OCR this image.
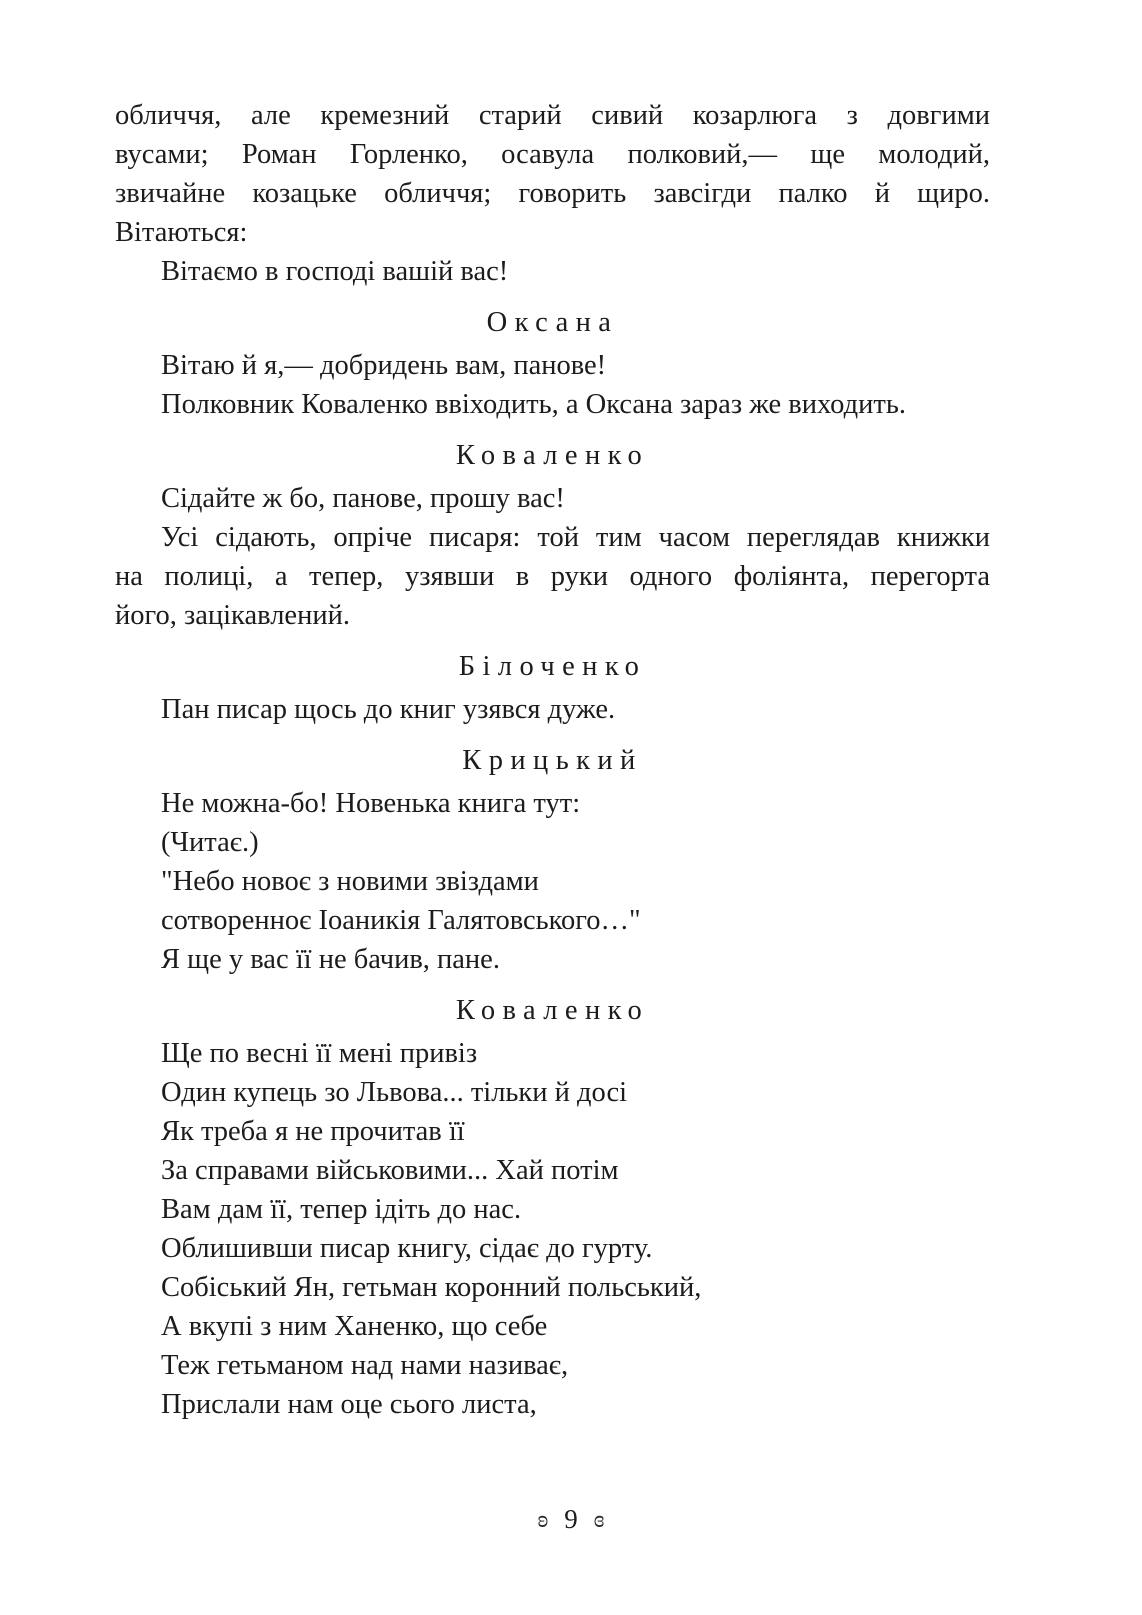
обличчя, але кремезний старий сивий козарлюга з довгими
вусами; Роман Горленко, осавула полковий,— ще молодий,
звичайне козацьке обличчя; говорить завсігди палко й щиро.
Вітаються:
Вітаємо в господі вашій вас!
Оксана
Вітаю й я,— добридень вам, панове!
Полковник Коваленко ввіходить, а Оксана зараз же виходить.
Коваленко
Сідайте ж бо, панове, прошу вас!
Усі сідають, опріче писаря: той тим часом переглядав книжки
на полиці, а тепер, узявши в руки одного фоліянта, перегорта
його, зацікавлений.
Білоченко
Пан писар щось до книг узявся дуже.
Крицький
Не можна-бо! Новенька книга тут:
(Читає.)
"Небо новоє з новими звіздами
сотворенноє Іоаникія Галятовського…"
Я ще у вас її не бачив, пане.
Коваленко
Ще по весні її мені привіз
Один купець зо Львова... тільки й досі
Як треба я не прочитав її
За справами військовими... Хай потім
Вам дам її, тепер ідіть до нас.
Облишивши писар книгу, сідає до гурту.
Собіський Ян, гетьман коронний польський,
А вкупі з ним Ханенко, що себе
Теж гетьманом над нами називає,
Прислали нам оце сього листа,
ʚ 9 ɞ
